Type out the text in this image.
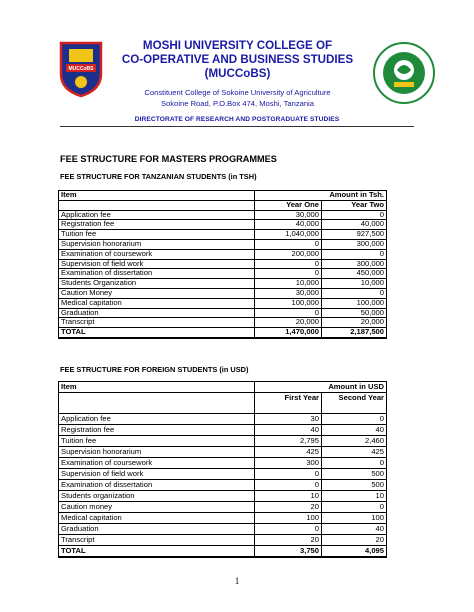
MUCCoBS
MOSHI UNIVERSITY COLLEGE OF
CO-OPERATIVE AND BUSINESS STUDIES
(MUCCoBS)
Constituent College of Sokoine University of Agriculture
Sokoine Road, P.O.Box 474, Moshi, Tanzania
DIRECTORATE OF RESEARCH AND POSTGRADUATE STUDIES
FEE STRUCTURE FOR MASTERS PROGRAMMES
FEE STRUCTURE FOR TANZANIAN STUDENTS (in TSH)
Item	Amount in Tsh.	
	Year One	Year Two
Application fee	30,000	0
Registration fee	40,000	40,000
Tuition fee	1,040,000	927,500
Supervision honorarium	0	300,000
Examination of coursework	200,000	0
Supervision of field work	0	300,000
Examination of dissertation	0	450,000
Students Organization	10,000	10,000
Caution Money	30,000	0
Medical capitation	100,000	100,000
Graduation	0	50,000
Transcript	20,000	20,000
TOTAL	1,470,000	2,187,500
FEE STRUCTURE FOR FOREIGN STUDENTS (in USD)
Item	Amount in USD	
	First Year	Second Year
Application fee	30	0
Registration fee	40	40
Tuition fee	2,795	2,460
Supervision honorarium	425	425
Examination of coursework	300	0
Supervision of field work	0	500
Examination of dissertation	0	500
Students organization	10	10
Caution money	20	0
Medical capitation	100	100
Graduation	0	40
Transcript	20	20
TOTAL	3,750	4,095
1
